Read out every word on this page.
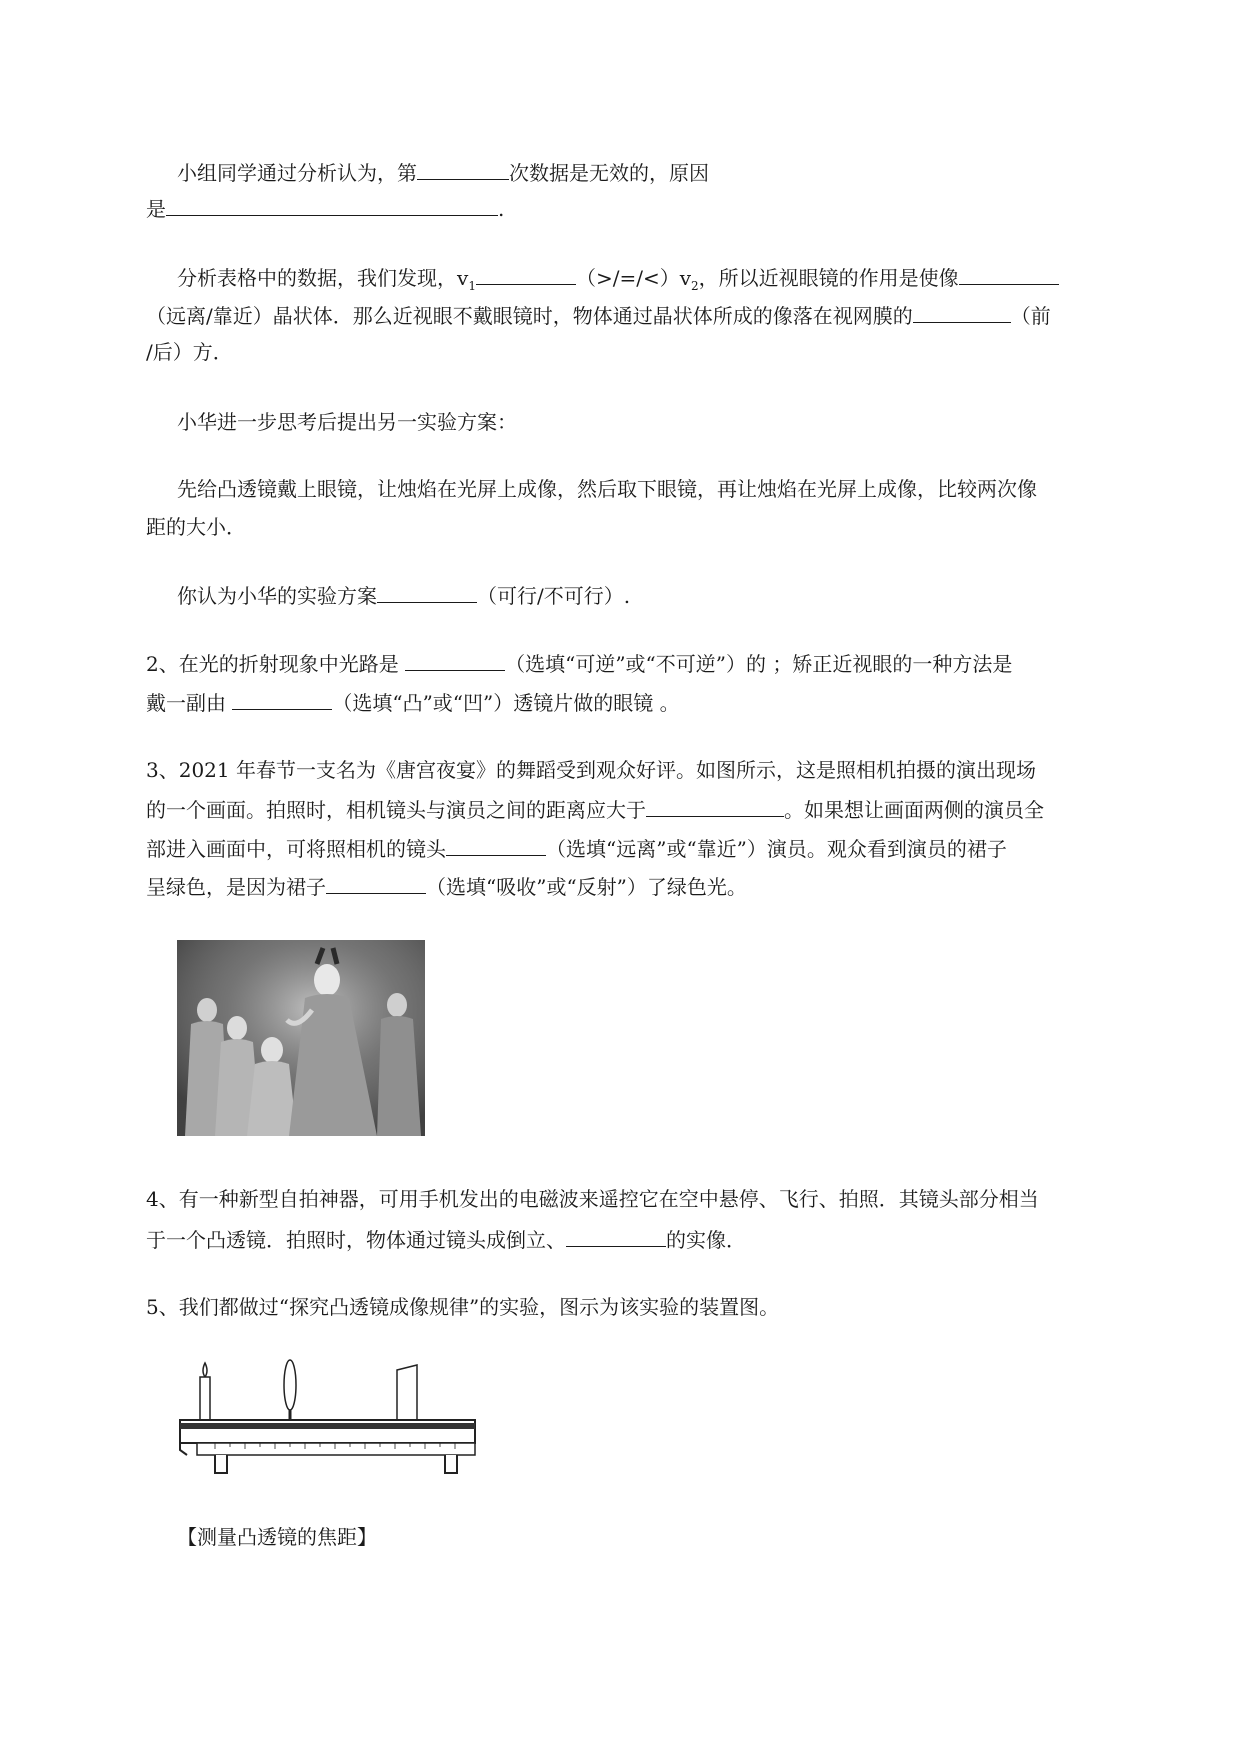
小组同学通过分析认为，第	次数据是无效的，原因
是	.
分析表格中的数据，我们发现，$v_1$	$(>/=/<)v_2$，所以近视眼镜的作用是使像
（远离/靠近）晶状体．那么近视眼不戴眼镜时，物体通过晶状体所成的像落在视网膜的	（前
/后）方．
小华进一步思考后提出另一实验方案：
先给凸透镜戴上眼镜，让烛焰在光屏上成像，然后取下眼镜，再让烛焰在光屏上成像，比较两次像
距的大小．
你认为小华的实验方案	（可行/不可行）.
2、在光的折射现象中光路是	（选填“可逆”或“不可逆”）的 ；矫正近视眼的一种方法是
戴一副由	（选填“凸”或“凹”）透镜片做的眼镜 。
3、2021 年春节一支名为《唐宫夜宴》的舞蹈受到观众好评。如图所示，这是照相机拍摄的演出现场
的一个画面。拍照时，相机镜头与演员之间的距离应大于	。如果想让画面两侧的演员全
部进入画面中，可将照相机的镜头	（选填“远离”或“靠近”）演员。观众看到演员的裙子
呈绿色，是因为裙子	（选填“吸收”或“反射”）了绿色光。
4、有一种新型自拍神器，可用手机发出的电磁波来遥控它在空中悬停、飞行、拍照．其镜头部分相当
于一个凸透镜．拍照时，物体通过镜头成倒立、	的实像．
5、我们都做过“探究凸透镜成像规律”的实验，图示为该实验的装置图。
【测量凸透镜的焦距】
